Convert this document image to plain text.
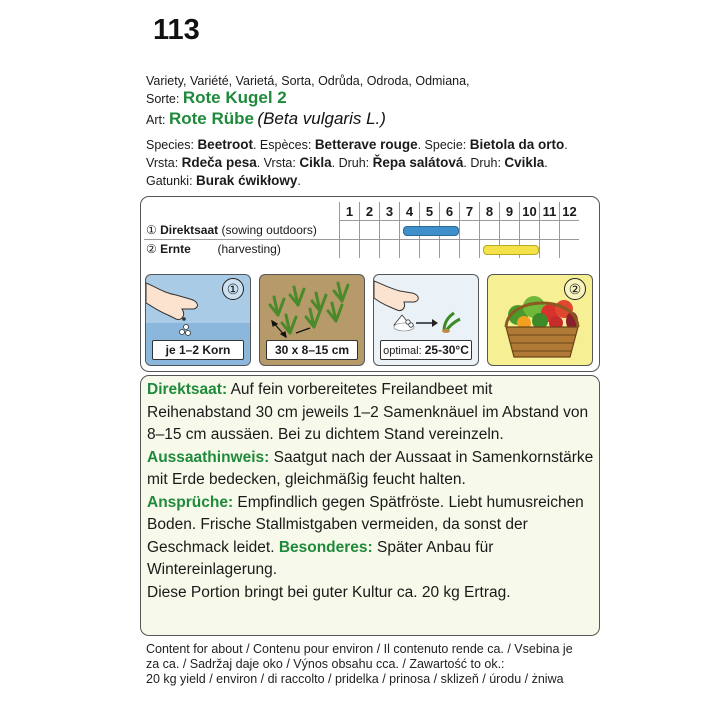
113
Variety, Variété, Varietá, Sorta, Odrůda, Odroda, Odmiana,
Sorte: Rote Kugel 2
Art: Rote Rübe (Beta vulgaris L.)
Species: Beetroot. Espèces: Betterave rouge. Specie: Bietola da orto.
Vrsta: Rdeča pesa. Vrsta: Cikla. Druh: Řepa salátová. Druh: Cvikla.
Gatunki: Burak ćwikłowy.
	1	2	3	4	5	6	7	8	9	10	11	12
① Direktsaat (sowing outdoors)												
② Ernte (harvesting)												
①
je 1–2 Korn	30 x 8–15 cm	optimal: 25-30°C
②
Direktsaat: Auf fein vorbereitetes Freilandbeet mit Reihenabstand 30 cm jeweils 1–2 Samenknäuel im Abstand von 8–15 cm aussäen. Bei zu dichtem Stand vereinzeln.
Aussaathinweis: Saatgut nach der Aussaat in Samenkornstärke mit Erde bedecken, gleichmäßig feucht halten.
Ansprüche: Empfindlich gegen Spätfröste. Liebt humusreichen Boden. Frische Stallmistgaben vermeiden, da sonst der Geschmack leidet. Besonderes: Später Anbau für Wintereinlagerung.
Diese Portion bringt bei guter Kultur ca. 20 kg Ertrag.
Content for about / Contenu pour environ / Il contenuto rende ca. / Vsebina je
za ca. / Sadržaj daje oko / Výnos obsahu cca. / Zawartość to ok.:
20 kg yield / environ / di raccolto / pridelka / prinosa / sklizeň / úrodu / żniwa
